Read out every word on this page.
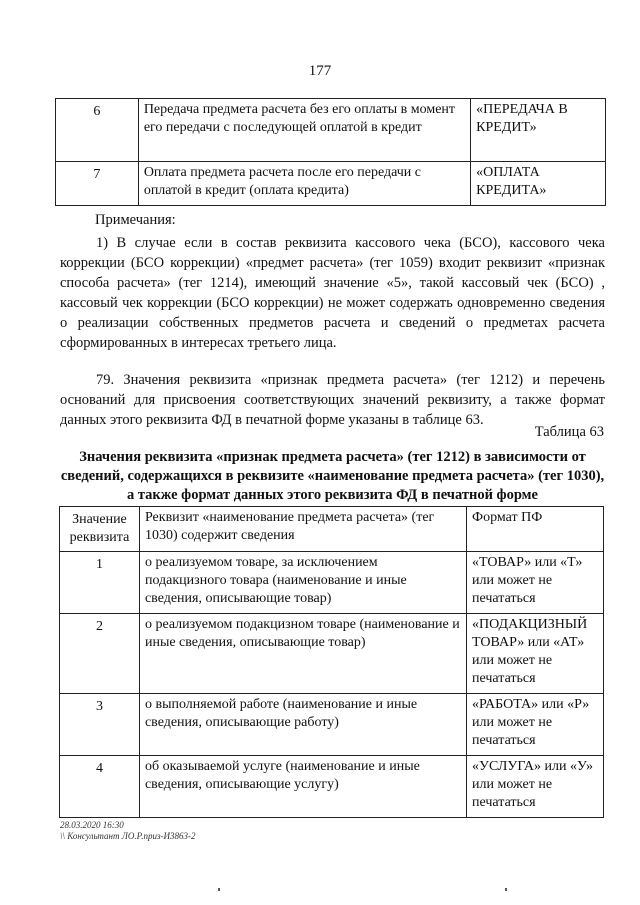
177
6	Передача предмета расчета без его оплаты в момент его передачи с последующей оплатой в кредит	«ПЕРЕДАЧА В КРЕДИТ»
7	Оплата предмета расчета после его передачи с оплатой в кредит (оплата кредита)	«ОПЛАТА КРЕДИТА»

Примечания:

1) В случае если в состав реквизита кассового чека (БСО), кассового чека коррекции (БСО коррекции) «предмет расчета» (тег 1059) входит реквизит «признак способа расчета» (тег 1214), имеющий значение «5», такой кассовый чек (БСО) , кассовый чек коррекции (БСО коррекции) не может содержать одновременно сведения о реализации собственных предметов расчета и сведений о предметах расчета сформированных в интересах третьего лица.

79. Значения реквизита «признак предмета расчета» (тег 1212) и перечень оснований для присвоения соответствующих значений реквизиту, а также формат данных этого реквизита ФД в печатной форме указаны в таблице 63.

Таблица 63

Значения реквизита «признак предмета расчета» (тег 1212) в зависимости от сведений, содержащихся в реквизите «наименование предмета расчета» (тег 1030), а также формат данных этого реквизита ФД в печатной форме

Значение реквизита	Реквизит «наименование предмета расчета» (тег 1030) содержит сведения	Формат ПФ
1	о реализуемом товаре, за исключением подакцизного товара (наименование и иные сведения, описывающие товар)	«ТОВАР» или «Т» или может не печататься
2	о реализуемом подакцизном товаре (наименование и иные сведения, описывающие товар)	«ПОДАКЦИЗНЫЙ ТОВАР» или «АТ» или может не печататься
3	о выполняемой работе (наименование и иные сведения, описывающие работу)	«РАБОТА» или «Р» или может не печататься
4	об оказываемой услуге (наименование и иные сведения, описывающие услугу)	«УСЛУГА» или «У» или может не печататься
28.03.2020 16:30
\\ Консультант ЛО.Р.приз-И3863-2
